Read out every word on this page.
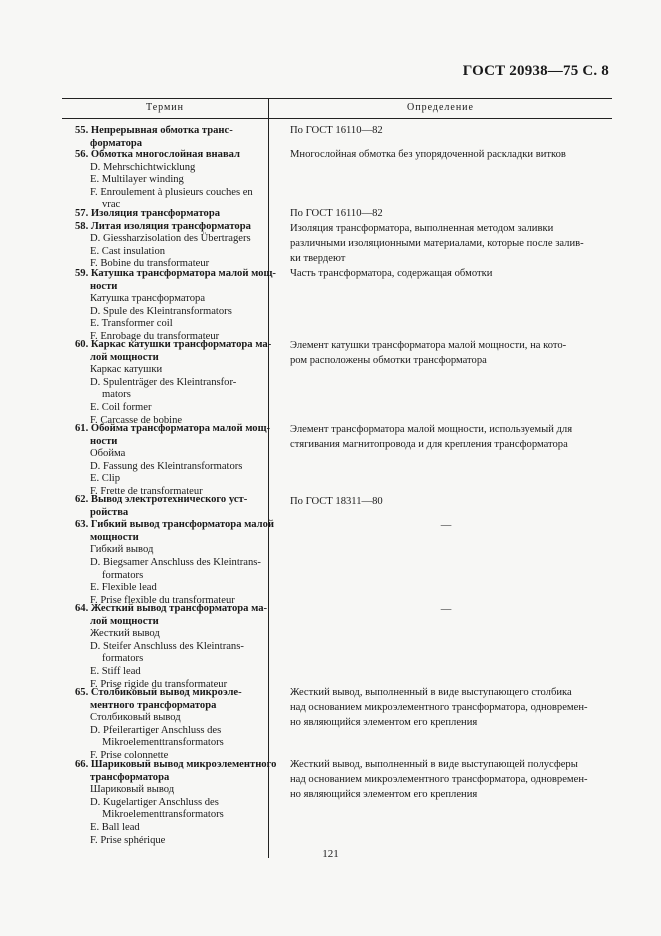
ГОСТ 20938—75 С. 8
Термин	Определение
55. Непрерывная обмотка транс-
форматора
56. Обмотка многослойная внавал
D. Mehrschichtwicklung
E. Multilayer winding
F. Enroulement à plusieurs couches en
vrac
57. Изоляция трансформатора
58. Литая изоляция трансформатора
D. Giessharzisolation des Übertragers
E. Cast insulation
F. Bobine du transformateur
59. Катушка трансформатора малой мощ-
ности
Катушка трансформатора
D. Spule des Kleintransformators
E. Transformer coil
F. Enrobage du transformateur
60. Каркас катушки трансформатора ма-
лой мощности
Каркас катушки
D. Spulenträger des Kleintransfor-
mators
E. Coil former
F. Carcasse de bobine
61. Обойма трансформатора малой мощ-
ности
Обойма
D. Fassung des Kleintransformators
E. Clip
F. Frette de transformateur
62. Вывод электротехнического уст-
ройства
63. Гибкий вывод трансформатора малой
мощности
Гибкий вывод
D. Biegsamer Anschluss des Kleintrans-
formators
E. Flexible lead
F. Prise flexible du transformateur
64. Жесткий вывод трансформатора ма-
лой мощности
Жесткий вывод
D. Steifer Anschluss des Kleintrans-
formators
E. Stiff lead
F. Prise rigide du transformateur
65. Столбиковый вывод микроэле-
ментного трансформатора
Столбиковый вывод
D. Pfeilerartiger Anschluss des
Mikroelementtransformators
F. Prise colonnette
66. Шариковый вывод микроэлементного
трансформатора
Шариковый вывод
D. Kugelartiger Anschluss des
Mikroelementtransformators
E. Ball lead
F. Prise sphérique
По ГОСТ 16110—82
Многослойная обмотка без упорядоченной раскладки витков
По ГОСТ 16110—82
Изоляция трансформатора, выполненная методом заливки
различными изоляционными материалами, которые после залив-
ки твердеют
Часть трансформатора, содержащая обмотки
Элемент катушки трансформатора малой мощности, на кото-
ром расположены обмотки трансформатора
Элемент трансформатора малой мощности, используемый для
стягивания магнитопровода и для крепления трансформатора
По ГОСТ 18311—80
—
—
Жесткий вывод, выполненный в виде выступающего столбика
над основанием микроэлементного трансформатора, одновремен-
но являющийся элементом его крепления
Жесткий вывод, выполненный в виде выступающей полусферы
над основанием микроэлементного трансформатора, одновремен-
но являющийся элементом его крепления
121
